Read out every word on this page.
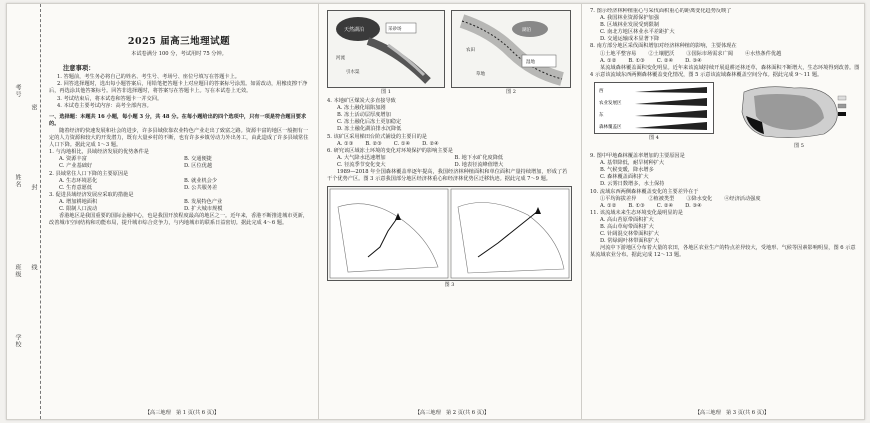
学校
班级
姓名
考号
密
封
线
2025 届高三地理试题
本试卷满分 100 分，考试用时 75 分钟。
注意事项：
1. 答题前，考生务必将自己的姓名、考生号、考场号、座位号填写在答题卡上。
2. 回答选择题时，选出每小题答案后，用铅笔把答题卡上对应题目的答案标号涂黑。如需改动，用橡皮擦干净后，再选涂其他答案标号。回答非选择题时，将答案写在答题卡上。写在本试卷上无效。
3. 考试结束后，将本试卷和答题卡一并交回。
4. 本试卷主要考试内容：高考全部内容。
一、选择题：本题共 16 小题，每小题 3 分，共 48 分。在每小题给出的四个选项中，只有一项是符合题目要求的。
随着经济的快速发展和社会的进步，许多县域依靠农业特色产业走出了致富之路。资源丰富的地区一般拥有一定的人力资源和较大的开发潜力，既有大量乡村的不断，也有许多乡镇劳动力外出务工，由此造成了许多县域常住人口下降。据此完成 1～3 题。
1. 与沟地相比，县域经济发展的优势条件是
A. 资源丰富	B. 交通便捷
C. 产业基础好	D. 区位优越
2. 县域常住人口下降的主要原因是
A. 生态环境恶化	B. 就业机会少
C. 生育意愿低	D. 公共服务差
3. 促进县域经济发展应采取的措施是
A. 增加耕地面积	B. 发展特色产业
C. 限制人口流动	D. 扩大城市规模
香港地区是我国重要的国际金融中心，也是我国开放程度最高的地区之一。近年来，香港不断推进城市更新，改善城市空间结构和功能布局，提升城市综合竞争力，与内地城市的联系日益密切。据此完成 4～6 题。
【高三地理　第 1 页(共 6 页)】
天然湖泊	采砂场
河流
引水渠
图 1
湖泊
湿地
农田
草地
图 2
4. 本地矿区煤炭大多直接导致
A. 冻土融化塌陷加剧
B. 冻土活动层厚度增加
C. 冻土融化后冻土更加稳定
D. 冻土融化湖泊排水沉降低
5. 该矿区采用梯田台阶式铺设的主要目的是
A. ①③ B. ②③ C. ①④ D. ②④
6. 研究该区域冻土环境的变化对环境保护的影响主要是
A. 大气降水迅速增加	B. 地下水矿化度降低
C. 径流季节变化变大	D. 地表径流峰值增大
1989—2018 年全国森林覆盖率逐年提高，我国经济林种植面积和单位面积产量持续增加，形成了若干个优势产区。图 3 示意我国部分地区经济林重心和经济林优势区迁移轨迹。据此完成 7～9 题。
图 3
【高三地理　第 2 页(共 6 页)】
7. 图示经济林种植重心与采伐面积重心的距离变化趋势反映了
A. 我国林业资源保护加强
B. 区域林业发展受到限制
C. 南北方地区林业水平差距扩大
D. 交通运输成本显著下降
8. 南方部分地区采伐面积增加对经济林种植的影响，主要体现在
①土地平整容易 ②土壤肥沃 ③国际市场需求广阔 ④水热条件优越
A. ①② B. ①③ C. ②④ D. ③④
某流域森林覆盖面积变化明显。近年来该流域持续开展退耕还林还草，森林面积不断增大，生态环境得到改善。图 4 示意该流域东西两侧森林覆盖变化情况，图 5 示意该流域森林覆盖空间分布。据此完成 9～11 题。
西
农业发展区
东
森林覆盖区
图 4
图 5
9. 图中甲地森林覆盖率增加的主要原因是
A. 基带降低，耐旱树种扩大
B. 气候变暖，降水增多
C. 森林覆盖面积扩大
D. 云雾日数增多，水土保持
10. 流域东西两侧森林覆盖变化的主要差异在于
①平均海拔差异 ②植被类型 ③降水变化 ④经济活动强度
A. ①② B. ①③ C. ②④ D. ③④
11. 该流域未来生态环境变化最明显的是
A. 高山苔原带面积扩大
B. 高山草甸带面积扩大
C. 针阔混交林带面积扩大
D. 常绿阔叶林带面积扩大
河流中下游地区分布着大量的农田，各地区农业生产的特点差异较大，受地形、气候等因素影响明显，图 6 示意某流域农业分布。据此完成 12～13 题。
【高三地理　第 3 页(共 6 页)】
